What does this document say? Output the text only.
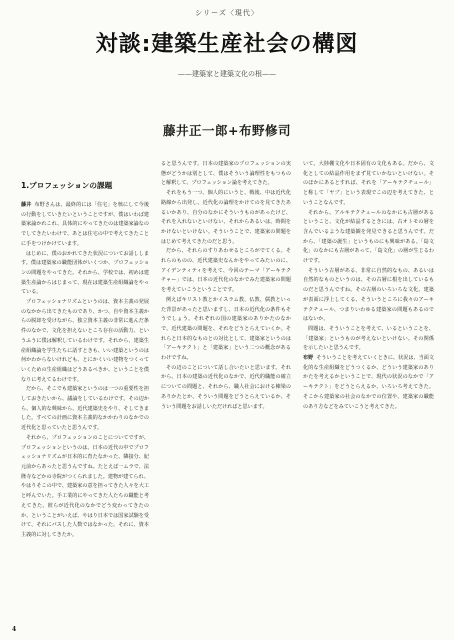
シリーズ〈現代〉
対談:建築生産社会の構図
——建築家と建築文化の根——
藤井正一郎+布野修司
1.プロフェッションの課題

藤井 布野さんは、最終的には「住宅」を核にして今後の行動をしていきたいということですが、僕はいわば建築家論かれこれ、具体的にやってきたのは建築家論なのでしてきたいわけで、あとは住宅の中で考えてきたことに手をつけかけています。

はじめに、僕のおかれてきた状況についてお話しします。僕は建築家の職能団体がいくつか、プロフェッションの問題をやってきた。それから、学校では、初めは建築生産論からはじまって、現在は建築生産組織論をやっている。

プロフェッショナリズムというのは、資本主義の発展のなかから出てきたものであり、かつ、自や資本主義からの脱却を受けながら、独立資本主義の非常に進んだ条件のなかで、文化を担えないところ存在の活動力、というふうに僕は解釈しているわけです。それから、建築生産組織論を学生たちに話すときも、いい建築というのは何かわからないけれども、とにかくいい建物をつくっていくための生産組織はどうあるべきか、ということを僕なりに考えてるわけです。

だから、そこでも建築家というのは一つの重要性を担しておきたいから、議論をしているわけです。その辺から、個人的な興味から、近代建築史をやり、そしてきました。すべての計画に資本主義的なかかわりのなかでの近代化と思っていたと思うんです。

それから、プロフェッションのことについてですが、プロフェッションというのは、日本の近代の中でプロフェッショナリズムが日本的に育たなかった、隣接分、紀元前からあったと思うんですね。たとえば一ムラで、法隆寺などかの寺院がつくられました。建物が建てられ、やはりそこの中で、建築家の意を担ってきた人々を大工と呼んでいた。手工業的にやってきた人たちの職能と考えてきた、彼らが近代化のなかでどう変わってきたのか、ということがいえば、やはり日本では国家試験を受けて、それにパスした人数ではなかった、それに、資本主義的に対してきたか。

ると思うんです。日本の建築家のプロフェッションの実態がどうかは別として、僕はそういう論理性をもつものと解釈して、プロフェッション論を考えてきた。

それをもう一つ、個人的にいうと、戦後、中は近代化路線から出発し、近代化の論理をかけてのを見てきたあるいかあり、自分のなかにそういうものがあったけど、それを入れないといけない、それからあるいは、時間をかけないといけない。そういうことで、建築家の問題をはじめて考えてきたのだと思う。

だから、それらのすりあわせるところがでてくる。それらのものの、近代建築史なんかをやってみたいのに、アイデンティティを考えて、今回のテーマ「アーキテクチャー」では、日本の近代化のなかでみた建築家の問題を考えていこうということです。

例えばキリスト教とかイスラム教、仏教、儒教といった背景があったと思いますし、日本の近代化の条件もそうでしょう。それぞれの国の建築家のありかたのなかで、近代建築の問題を、それをどうとらえていくか。それらと日本的なものとの対比として、建築家というのは「アーキテクト」と「建築家」という二つの概念があるわけですね。

その辺のことについて話し合いたいと思います。それから、日本の建築の近代化のなかで、近代的職能の確立についての問題と、それから、職人社会における棟梁のありかたとか、そういう問題をどうとらえているか、そういう問題をお話しいただければと思います。

いて、大陸棚文化や日本固有の文化もある。だから、文化としての結晶作用をまず見ていかないといけない。そのほかにあるとすれば、それを「アーキテクチュール」と称して「ヤブ」という表現でこの辺を考えてきた、ということなんです。

それから、アルキテクチュールのなかにも古層があるということ、文化が結晶するときには、古オトモの層を含んでいるような建築観を発見できると思うんです。だから、「建築の誕生」というものにも興味がある。「島文化」のなかにも古層があって、「島文化」の層が生じるわけです。

そういう古層がある、非常に自然的なもの、あるいは自然的なものというのは、その古層に根を出しているものだと思うんですね。その古層のいろいろな文化、建築が表面に浮上してくる、そういうところに我々のアーキテクチュール、つまりいわゆる建築家の問題もあるのではないか。

問題は、そういうことを考えて、いるということを、「建築家」というものが考えないといけない。その関係を示したいと思うんです。

布野 そういうことを考えていくときに、状況は、当面文化的な生産組織をどうつくるか、どういう建築家のありかたを考えるかということで、現代の状況のなかで「アーキテクト」をどうとらえるか、いろいろ考えてきた。そこから建築家の社会のなかでの位置や、建築家の職能のあり方などをみていこうと考えてきた。

4
